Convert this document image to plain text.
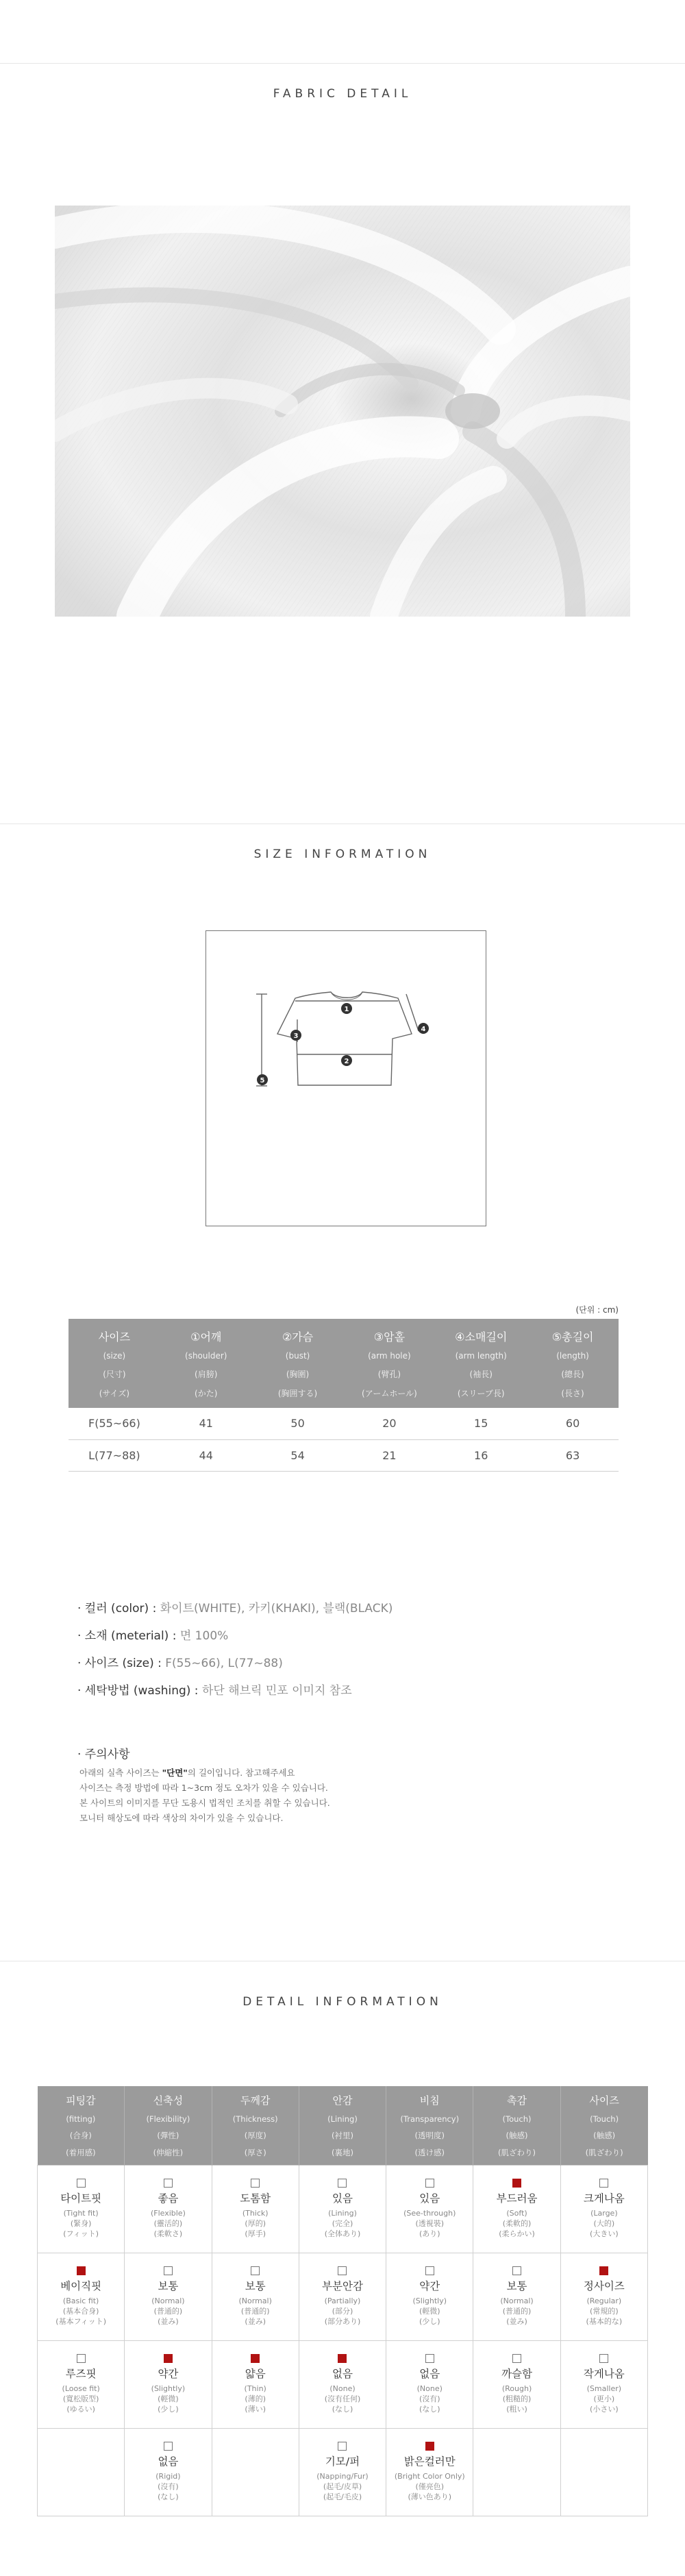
FABRIC DETAIL
SIZE INFORMATION
1
3
2
4
5
(단위 : cm)
사이즈
(size)
(尺寸)
(サイズ)	①어깨
(shoulder)
(肩膀)
(かた)	②가슴
(bust)
(胸圍)
(胸囲する)	③암홀
(arm hole)
(臂孔)
(アームホール)	④소매길이
(arm length)
(袖長)
(スリーブ長)	⑤총길이
(length)
(總長)
(長さ)

F(55~66)	41	50	20	15	60
L(77~88)	44	54	21	16	63
· 컬러 (color) : 화이트(WHITE), 카키(KHAKI), 블랙(BLACK)
· 소재 (meterial) : 면 100%
· 사이즈 (size) : F(55~66), L(77~88)
· 세탁방법 (washing) : 하단 해브릭 민포 이미지 참조
· 주의사항
아래의 실측 사이즈는 "단면"의 길이입니다. 참고해주세요
사이즈는 측정 방법에 따라 1~3cm 정도 오차가 있을 수 있습니다.
본 사이트의 이미지를 무단 도용시 법적인 조치를 취할 수 있습니다.
모니터 해상도에 따라 색상의 차이가 있을 수 있습니다.
DETAIL INFORMATION
피팅감
(fitting)
(合身)
(着用感)	신축성
(Flexibility)
(彈性)
(伸縮性)	두께감
(Thickness)
(厚度)
(厚さ)	안감
(Lining)
(衬里)
(裏地)	비침
(Transparency)
(透明度)
(透け感)	촉감
(Touch)
(触感)
(肌ざわり)	사이즈
(Touch)
(触感)
(肌ざわり)

타이트핏
(Tight fit)
(緊身)
(フィット)	좋음
(Flexible)
(靈活的)
(柔軟さ)	도톰함
(Thick)
(厚的)
(厚手)	있음
(Lining)
(完全)
(全体あり)	있음
(See-through)
(透視裝)
(あり)	부드러움
(Soft)
(柔軟的)
(柔らかい)	크게나옴
(Large)
(大的)
(大きい)

베이직핏
(Basic fit)
(基本合身)
(基本フィット)	보통
(Normal)
(普通的)
(並み)	보통
(Normal)
(普通的)
(並み)	부분안감
(Partially)
(部分)
(部分あり)	약간
(Slightly)
(輕微)
(少し)	보통
(Normal)
(普通的)
(並み)	정사이즈
(Regular)
(常規的)
(基本的な)

루즈핏
(Loose fit)
(寬松版型)
(ゆるい)	약간
(Slightly)
(輕微)
(少し)	얇음
(Thin)
(薄的)
(薄い)	없음
(None)
(沒有任何)
(なし)	없음
(None)
(沒有)
(なし)	까슬함
(Rough)
(粗糙的)
(粗い)	작게나옴
(Smaller)
(更小)
(小さい)

	없음
(Rigid)
(沒有)
(なし)		기모/퍼
(Napping/Fur)
(起毛/皮草)
(起毛/毛皮)	밝은컬러만
(Bright Color Only)
(僅亮色)
(薄い色あり)		
